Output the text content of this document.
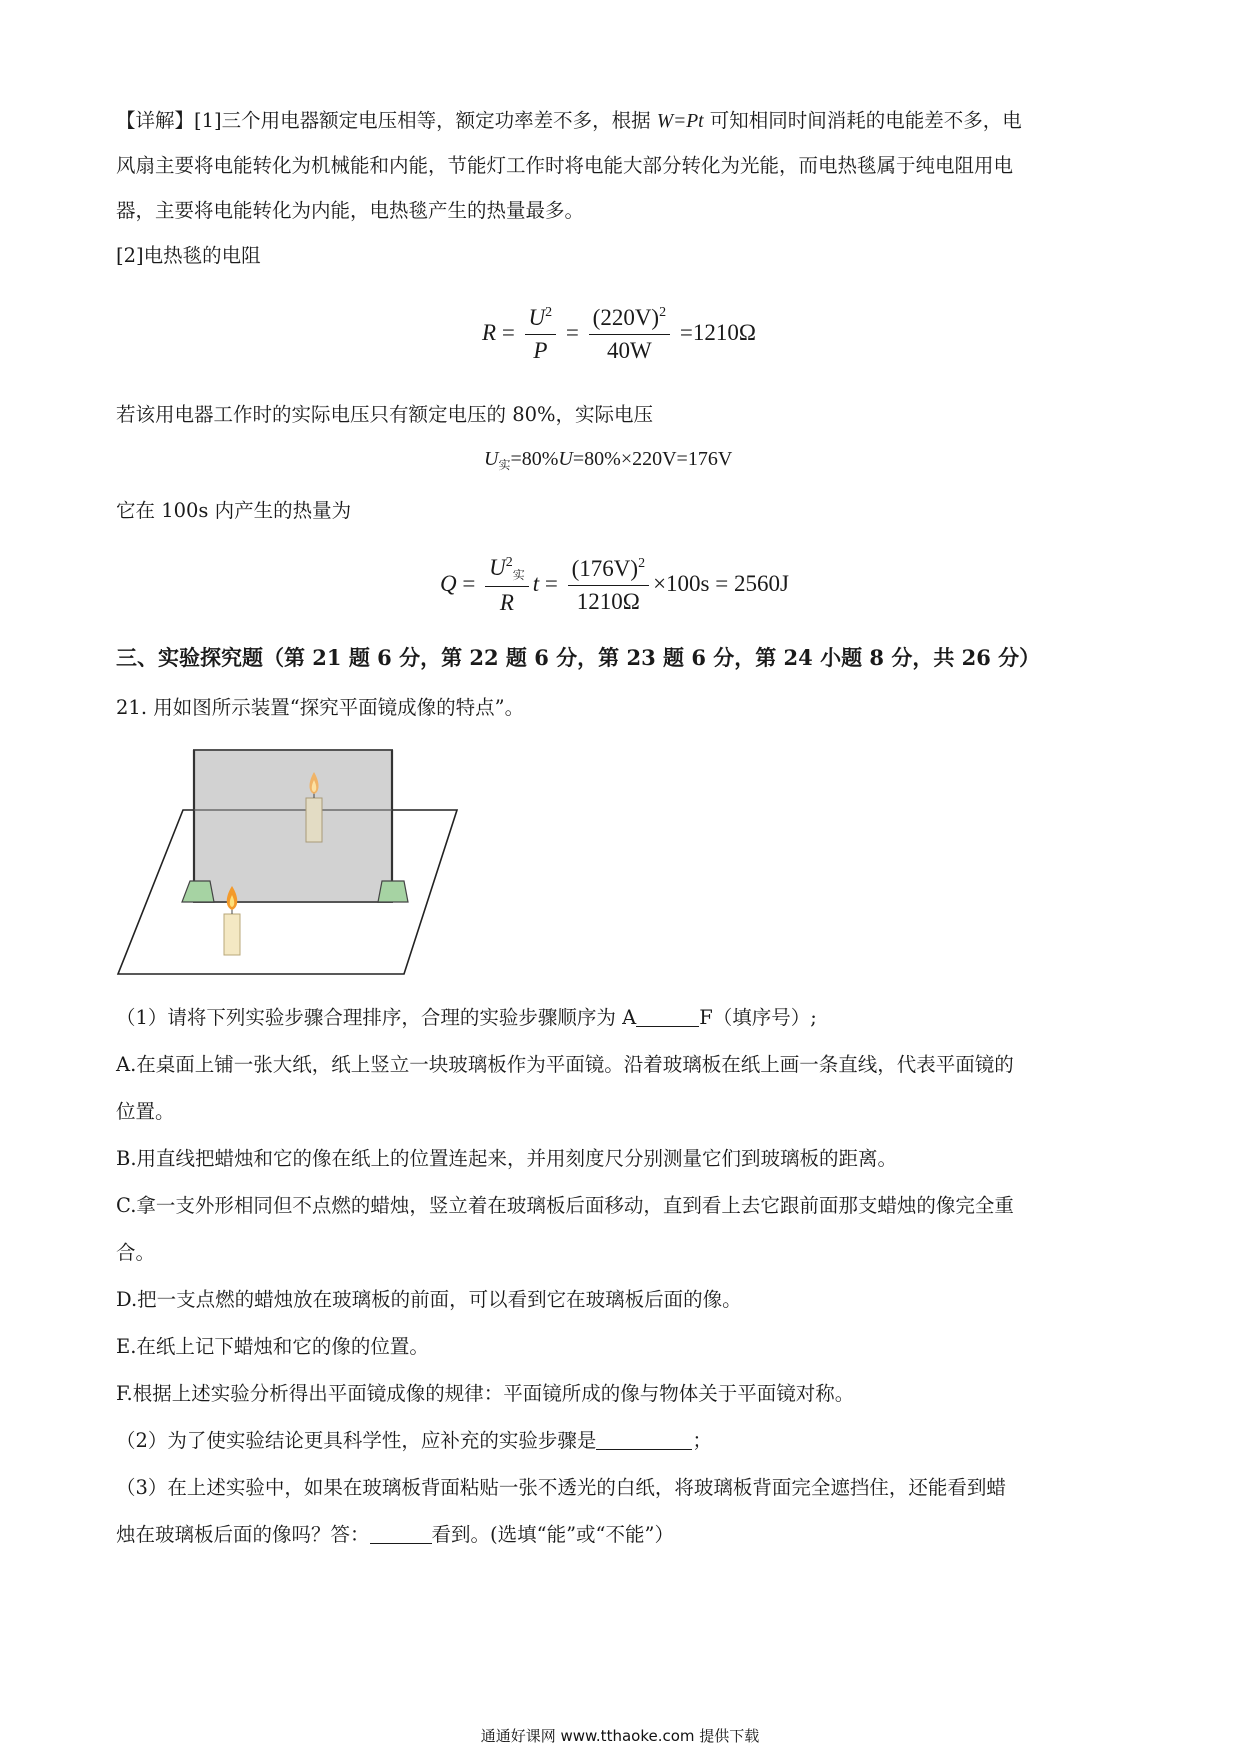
【详解】[1]三个用电器额定电压相等，额定功率差不多，根据 W=Pt 可知相同时间消耗的电能差不多，电
风扇主要将电能转化为机械能和内能，节能灯工作时将电能大部分转化为光能，而电热毯属于纯电阻用电
器，主要将电能转化为内能，电热毯产生的热量最多。
[2]电热毯的电阻
$R = \frac{U^2}{P} = \frac{(220V)^2}{40W} =1210\Omega$
若该用电器工作时的实际电压只有额定电压的 80%，实际电压
$U_实=80\%U=80\%\times 220V=176V$
它在 100s 内产生的热量为
$Q = \frac{U^2实}{R}$ $t = \frac{(176V)^2}{1210\Omega} \times 100s = 2560J$
三、实验探究题（第 21 题 6 分，第 22 题 6 分，第 23 题 6 分，第 24 小题 8 分，共 26 分）
21. 用如图所示装置“探究平面镜成像的特点”。
（1）请将下列实验步骤合理排序，合理的实验步骤顺序为 A	F（填序号）;
A.在桌面上铺一张大纸，纸上竖立一块玻璃板作为平面镜。沿着玻璃板在纸上画一条直线，代表平面镜的
位置。
B.用直线把蜡烛和它的像在纸上的位置连起来，并用刻度尺分别测量它们到玻璃板的距离。
C.拿一支外形相同但不点燃的蜡烛，竖立着在玻璃板后面移动，直到看上去它跟前面那支蜡烛的像完全重
合。
D.把一支点燃的蜡烛放在玻璃板的前面，可以看到它在玻璃板后面的像。
E.在纸上记下蜡烛和它的像的位置。
F.根据上述实验分析得出平面镜成像的规律：平面镜所成的像与物体关于平面镜对称。
（2）为了使实验结论更具科学性，应补充的实验步骤是	；
（3）在上述实验中，如果在玻璃板背面粘贴一张不透光的白纸，将玻璃板背面完全遮挡住，还能看到蜡
烛在玻璃板后面的像吗？答：	看到。(选填“能”或“不能”）
通通好课网 www.tthaoke.com 提供下载
